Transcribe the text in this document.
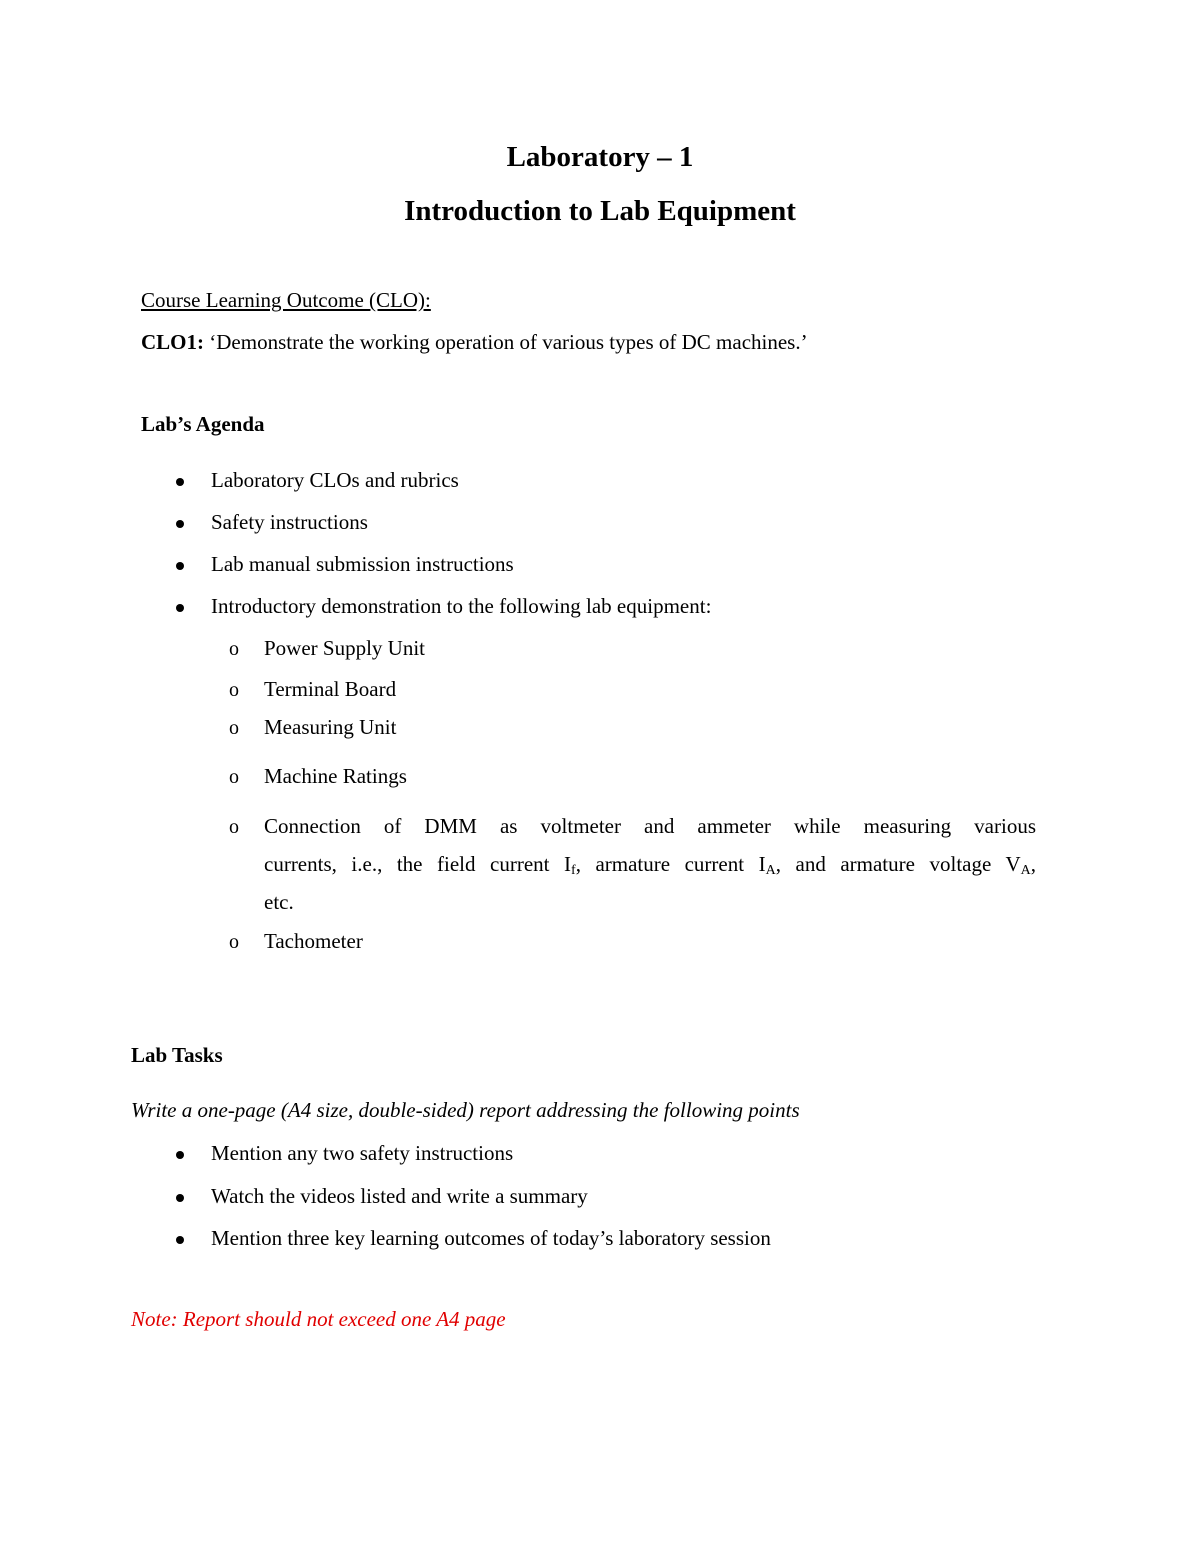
Laboratory – 1
Introduction to Lab Equipment
Course Learning Outcome (CLO):
CLO1: ‘Demonstrate the working operation of various types of DC machines.’
Lab’s Agenda
Laboratory CLOs and rubrics
Safety instructions
Lab manual submission instructions
Introductory demonstration to the following lab equipment:
o Power Supply Unit
o Terminal Board
o Measuring Unit
o Machine Ratings
o Connection of DMM as voltmeter and ammeter while measuring various
currents, i.e., the field current $I_f$, armature current $I_A$, and armature voltage $V_A$,
etc.
o Tachometer
Lab Tasks
Write a one-page (A4 size, double-sided) report addressing the following points
Mention any two safety instructions
Watch the videos listed and write a summary
Mention three key learning outcomes of today’s laboratory session
Note: Report should not exceed one A4 page
